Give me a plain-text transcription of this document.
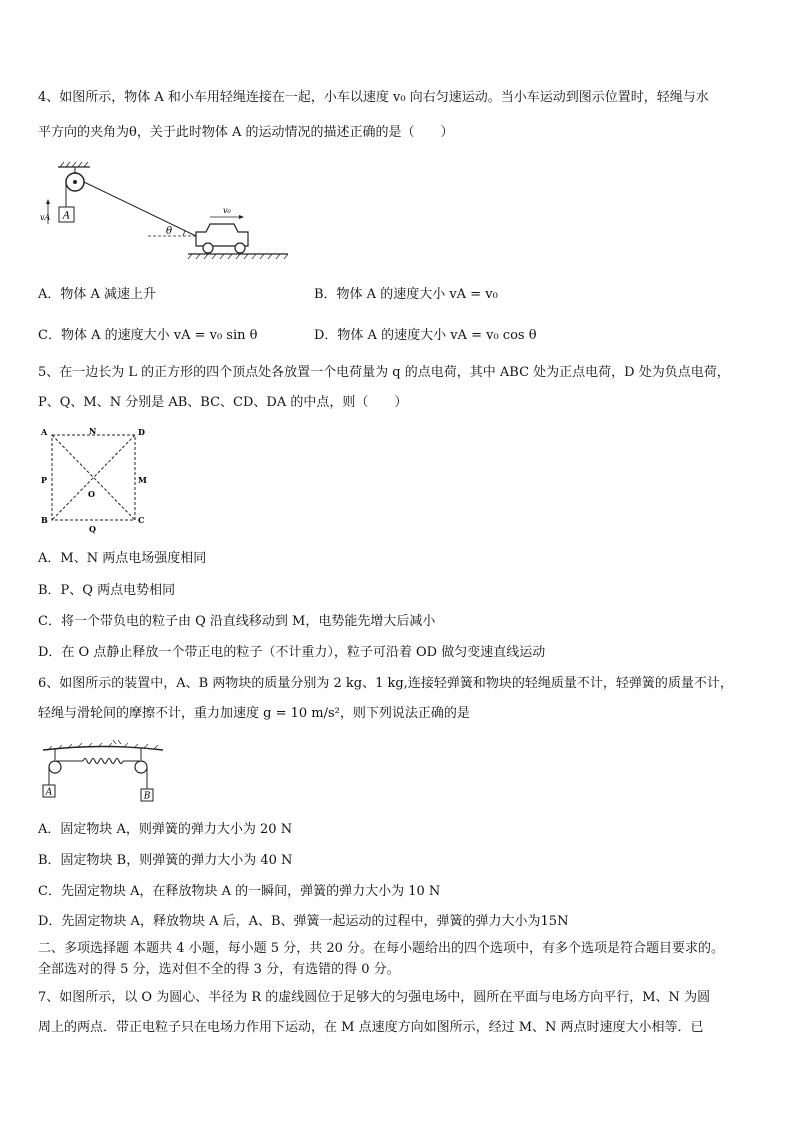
4、如图所示，物体 A 和小车用轻绳连接在一起，小车以速度 v₀ 向右匀速运动。当小车运动到图示位置时，轻绳与水
平方向的夹角为θ，关于此时物体 A 的运动情况的描述正确的是（　　）
A
vA
θ
v₀
A．物体 A 减速上升	B．物体 A 的速度大小 vA = v₀
C．物体 A 的速度大小 vA = v₀ sin θ	D．物体 A 的速度大小 vA = v₀ cos θ
5、在一边长为 L 的正方形的四个顶点处各放置一个电荷量为 q 的点电荷，其中 ABC 处为正点电荷，D 处为负点电荷，
P、Q、M、N 分别是 AB、BC、CD、DA 的中点，则（　　）
A	N	D
P	M
O
B
Q
C
A．M、N 两点电场强度相同
B．P、Q 两点电势相同
C．将一个带负电的粒子由 Q 沿直线移动到 M，电势能先增大后减小
D．在 O 点静止释放一个带正电的粒子（不计重力），粒子可沿着 OD 做匀变速直线运动
6、如图所示的装置中，A、B 两物块的质量分别为 2 kg、1 kg,连接轻弹簧和物块的轻绳质量不计，轻弹簧的质量不计，
轻绳与滑轮间的摩擦不计，重力加速度 g = 10 m/s²，则下列说法正确的是
A	B
A．固定物块 A，则弹簧的弹力大小为 20 N
B．固定物块 B，则弹簧的弹力大小为 40 N
C．先固定物块 A，在释放物块 A 的一瞬间，弹簧的弹力大小为 10 N
D．先固定物块 A，释放物块 A 后，A、B、弹簧一起运动的过程中，弹簧的弹力大小为15N
二、多项选择题 本题共 4 小题，每小题 5 分，共 20 分。在每小题给出的四个选项中，有多个选项是符合题目要求的。
全部选对的得 5 分，选对但不全的得 3 分，有选错的得 0 分。
7、如图所示，以 O 为圆心、半径为 R 的虚线圆位于足够大的匀强电场中，圆所在平面与电场方向平行，M、N 为圆
周上的两点．带正电粒子只在电场力作用下运动，在 M 点速度方向如图所示，经过 M、N 两点时速度大小相等．已
